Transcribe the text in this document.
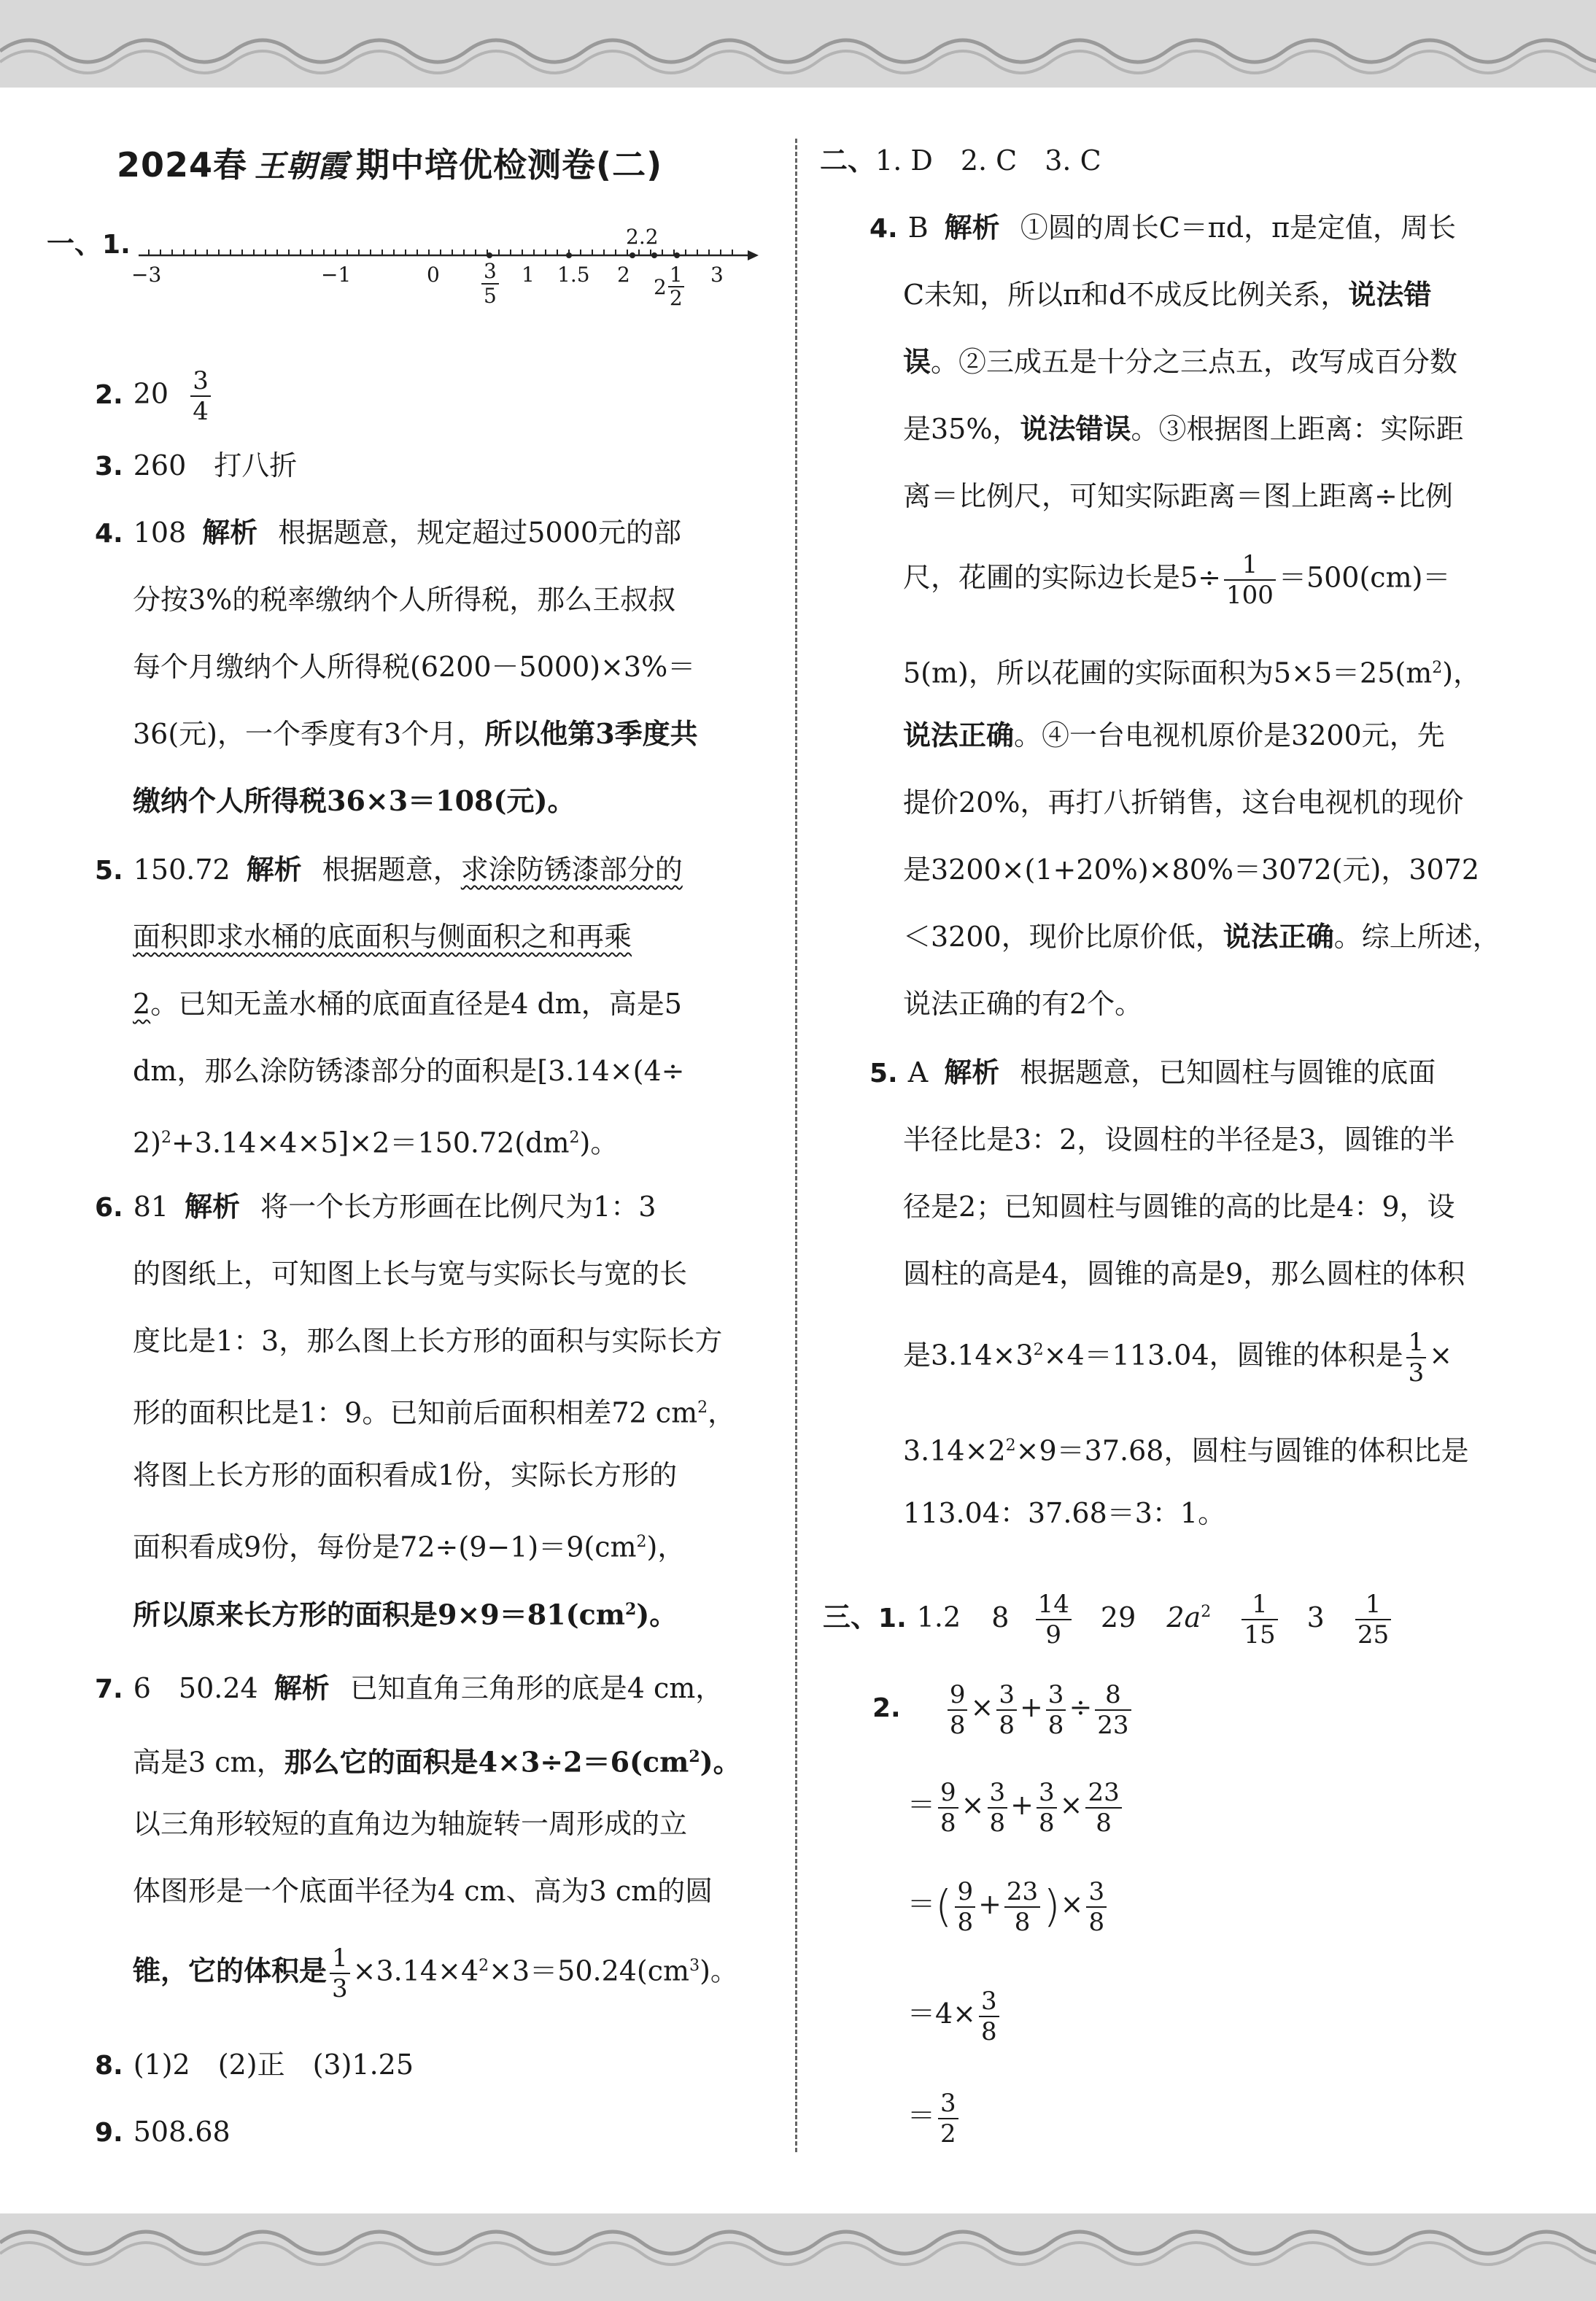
2024春 王朝霞 期中培优检测卷(二)
一、1.
−3	−1	0 3
5
1 1.5 2
2.2
2 1
2
3
2. $20 \frac{3}{4}$
3. 260　打八折
4. 108 解析 根据题意，规定超过5000元的部
分按3%的税率缴纳个人所得税，那么王叔叔
每个月缴纳个人所得税(6200－5000)×3%＝
36(元)，一个季度有3个月，所以他第3季度共
缴纳个人所得税36×3＝108(元)。
5. 150.72 解析 根据题意，求涂防锈漆部分的
面积即求水桶的底面积与侧面积之和再乘
2。已知无盖水桶的底面直径是4 dm，高是5
dm，那么涂防锈漆部分的面积是[3.14×(4÷
$2)^2+3.14\times 4\times 5]\times 2=150.72(dm^2)$。
6. 81 解析 将一个长方形画在比例尺为1：3
的图纸上，可知图上长与宽与实际长与宽的长
度比是1：3，那么图上长方形的面积与实际长方
形的面积比是1：9。已知前后面积相差72 $cm^2$，
将图上长方形的面积看成1份，实际长方形的
面积看成9份，每份是$72\div(9-1)=9(cm^2)$，
所以原来长方形的面积是$9\times 9=81(cm^2)$。
7. 6　50.24 解析 已知直角三角形的底是4 cm，
高是3 cm，那么它的面积是$4\times 3\div 2=6(cm^2)$。
以三角形较短的直角边为轴旋转一周形成的立
体图形是一个底面半径为4 cm、高为3 cm的圆
锥，它的体积是 $\frac{1}{3} \times 3.14\times 4^2\times 3=50.24(cm^3)$。
8. (1)2　(2)正　(3)1.25
9. 508.68
二、1. D　2. C　3. C
4. B 解析 ①圆的周长C＝πd，π是定值，周长
C未知，所以π和d不成反比例关系，说法错
误。②三成五是十分之三点五，改写成百分数
是35%，说法错误。③根据图上距离：实际距
离＝比例尺，可知实际距离＝图上距离÷比例
尺，花圃的实际边长是$5\div \frac{1}{100} =500(cm)=$
5(m)，所以花圃的实际面积为$5\times 5=25(m^2)$，
说法正确。④一台电视机原价是3200元，先
提价20%，再打八折销售，这台电视机的现价
是3200×(1+20%)×80%＝3072(元)，3072
＜3200，现价比原价低，说法正确。综上所述，
说法正确的有2个。
5. A 解析 根据题意，已知圆柱与圆锥的底面
半径比是3：2，设圆柱的半径是3，圆锥的半
径是2；已知圆柱与圆锥的高的比是4：9，设
圆柱的高是4，圆锥的高是9，那么圆柱的体积
是$3.14\times 3^2\times 4=113.04$，圆锥的体积是 $\frac{1}{3}$ ×
$3.14\times 2^2\times 9=37.68$，圆柱与圆锥的体积比是
113.04：37.68＝3：1。
三、1. 1.2 $8 \frac{14}{9} 29$ $2a^2 \frac{1}{15} 3 \frac{1}{25}$
2. $\frac{9}{8} \times \frac{3}{8} + \frac{3}{8} \div \frac{8}{23}$
＝ $\frac{9}{8} \times \frac{3}{8} + \frac{3}{8} \times \frac{23}{8}$
＝( $\frac{9}{8} + \frac{23}{8}$ )× $\frac{3}{8}$
$=4\times \frac{3}{8}$
＝ $\frac{3}{2}$
